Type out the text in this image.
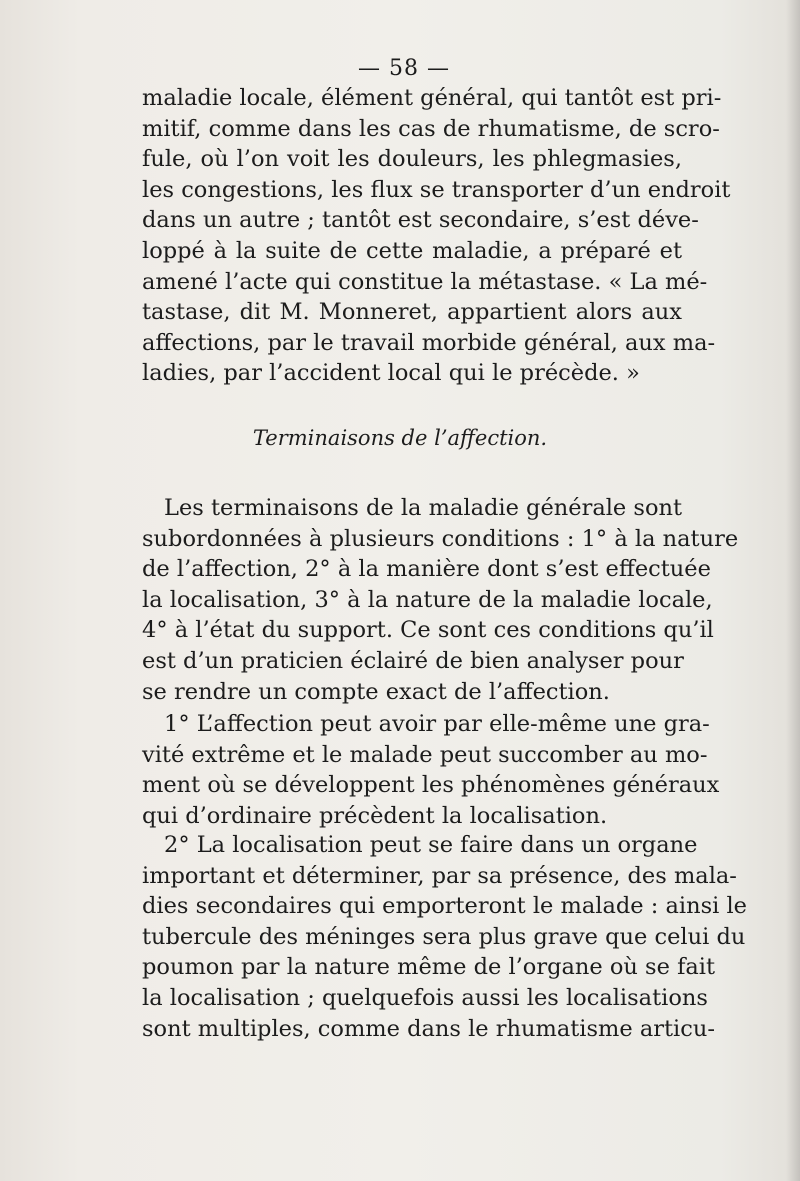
— 58 —
maladie locale, élément général, qui tantôt est pri-
mitif, comme dans les cas de rhumatisme, de scro-
fule, où l’on voit les douleurs, les phlegmasies,
les congestions, les flux se transporter d’un endroit
dans un autre ; tantôt est secondaire, s’est déve-
loppé à la suite de cette maladie, a préparé et
amené l’acte qui constitue la métastase. « La mé-
tastase, dit M. Monneret, appartient alors aux
affections, par le travail morbide général, aux ma-
ladies, par l’accident local qui le précède. »
Terminaisons de l’affection.
Les terminaisons de la maladie générale sont
subordonnées à plusieurs conditions : 1° à la nature
de l’affection, 2° à la manière dont s’est effectuée
la localisation, 3° à la nature de la maladie locale,
4° à l’état du support. Ce sont ces conditions qu’il
est d’un praticien éclairé de bien analyser pour
se rendre un compte exact de l’affection.
1° L’affection peut avoir par elle-même une gra-
vité extrême et le malade peut succomber au mo-
ment où se développent les phénomènes généraux
qui d’ordinaire précèdent la localisation.
2° La localisation peut se faire dans un organe
important et déterminer, par sa présence, des mala-
dies secondaires qui emporteront le malade : ainsi le
tubercule des méninges sera plus grave que celui du
poumon par la nature même de l’organe où se fait
la localisation ; quelquefois aussi les localisations
sont multiples, comme dans le rhumatisme articu-
